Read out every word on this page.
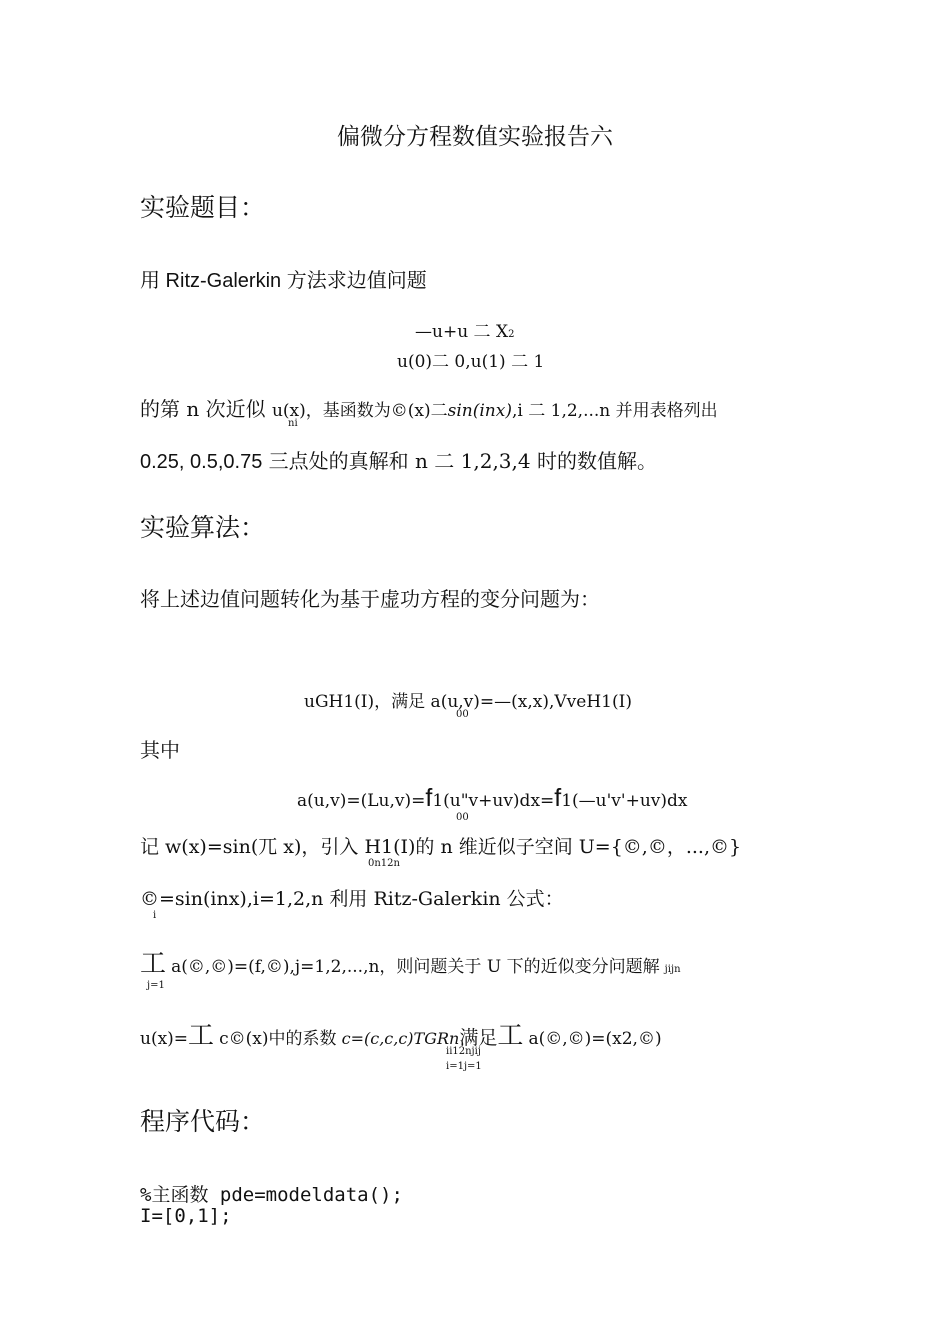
偏微分方程数值实验报告六
实验题目：
用 Ritz-Galerkin 方法求边值问题
—u+u 二 X2
u(0)二 0,u(1) 二 1
的第 n 次近似 u(x)，基函数为©(x)二sin(inx),i 二 1,2,...n 并用表格列出
ni
0.25, 0.5,0.75 三点处的真解和 n 二 1,2,3,4 时的数值解。
实验算法：
将上述边值问题转化为基于虚功方程的变分问题为：
uGH1(I)，满足 a(u,v)=—(x,x),VveH1(I)
00
其中
a(u,v)=(Lu,v)=f1(u"v+uv)dx=f1(—u'v'+uv)dx
00
记 w(x)=sin(兀 x)，引入 H1(I)的 n 维近似子空间 U={©,©，...,©}
0n12n
©=sin(inx),i=1,2,n 利用 Ritz-Galerkin 公式：
i
工 a(©,©)=(f,©),j=1,2,...,n，则问题关于 U 下的近似变分问题解 jijn
j=1
u(x)=工 c©(x)中的系数 c=(c,c,c)TGRn满足工 a(©,©)=(x2,©)
ii12njij
i=1j=1
程序代码：
%主函数 pde=modeldata();
I=[0,1];
